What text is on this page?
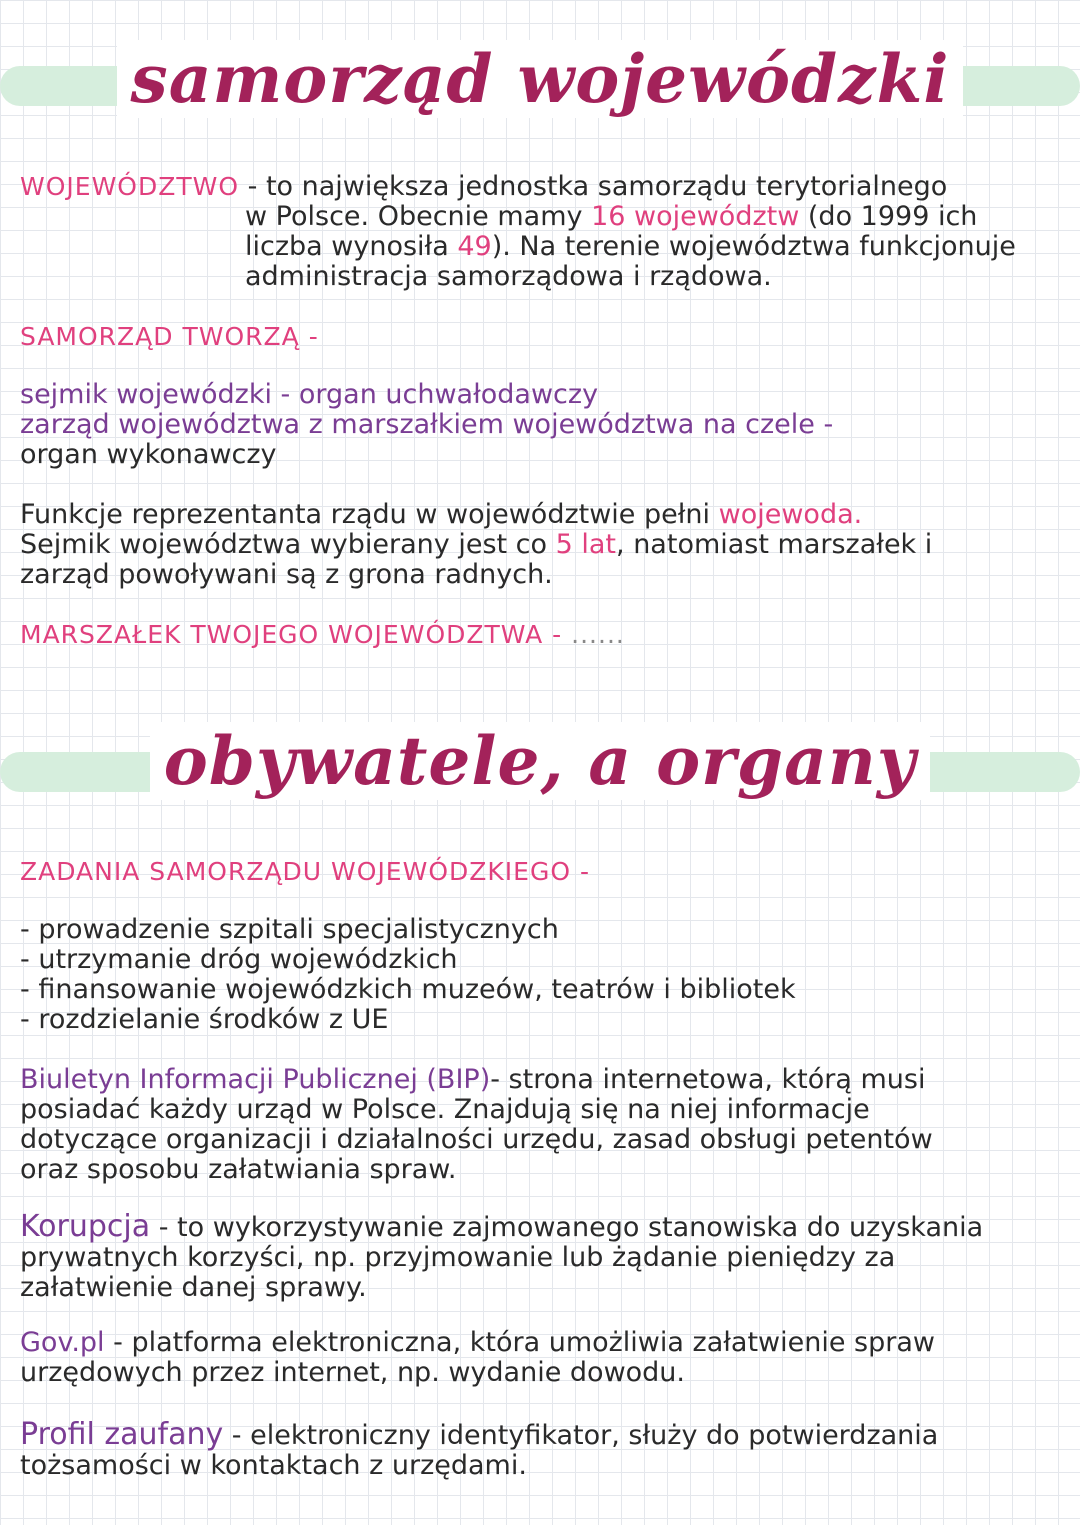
samorząd wojewódzki
WOJEWÓDZTWO - to największa jednostka samorządu terytorialnego
w Polsce. Obecnie mamy 16 województw (do 1999 ich
liczba wynosiła 49). Na terenie województwa funkcjonuje
administracja samorządowa i rządowa.
SAMORZĄD TWORZĄ -
sejmik wojewódzki - organ uchwałodawczy
zarząd województwa z marszałkiem województwa na czele -
organ wykonawczy
Funkcje reprezentanta rządu w województwie pełni wojewoda.
Sejmik województwa wybierany jest co 5 lat, natomiast marszałek i
zarząd powoływani są z grona radnych.
MARSZAŁEK TWOJEGO WOJEWÓDZTWA - ......
obywatele, a organy
ZADANIA SAMORZĄDU WOJEWÓDZKIEGO -
- prowadzenie szpitali specjalistycznych
- utrzymanie dróg wojewódzkich
- finansowanie wojewódzkich muzeów, teatrów i bibliotek
- rozdzielanie środków z UE
Biuletyn Informacji Publicznej (BIP)- strona internetowa, którą musi posiadać każdy urząd w Polsce. Znajdują się na niej informacje dotyczące organizacji i działalności urzędu, zasad obsługi petentów oraz sposobu załatwiania spraw.
Korupcja - to wykorzystywanie zajmowanego stanowiska do uzyskania prywatnych korzyści, np. przyjmowanie lub żądanie pieniędzy za załatwienie danej sprawy.
Gov.pl - platforma elektroniczna, która umożliwia załatwienie spraw urzędowych przez internet, np. wydanie dowodu.
Profil zaufany - elektroniczny identyfikator, służy do potwierdzania tożsamości w kontaktach z urzędami.
